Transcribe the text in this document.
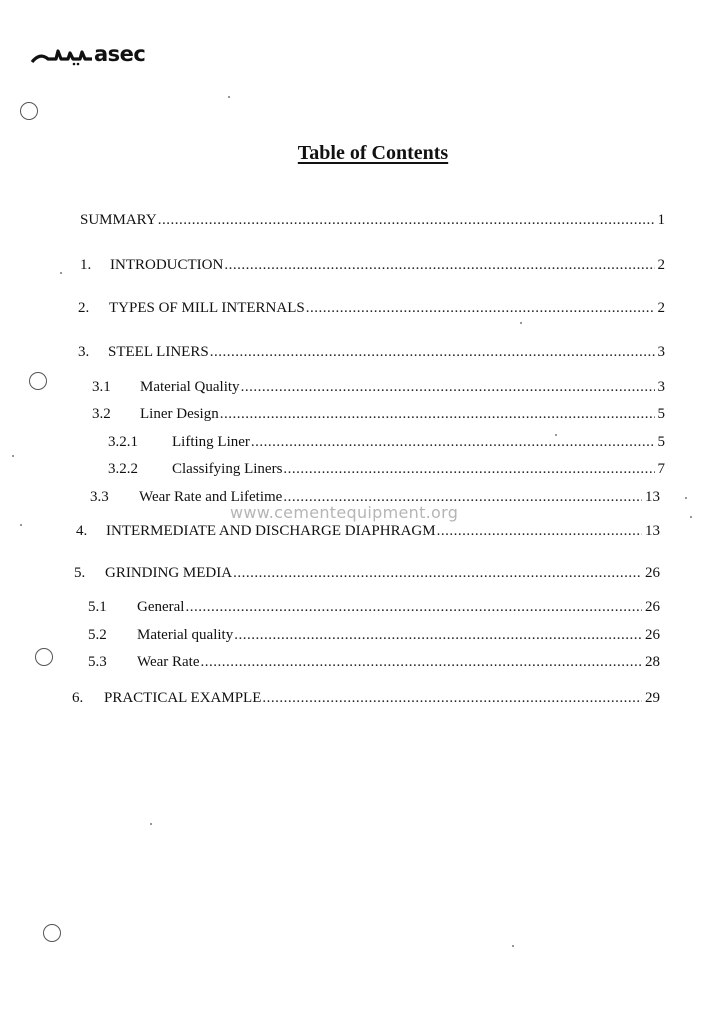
asec
Table of Contents
SUMMARY .....	1
1.	INTRODUCTION .....	2
2.	TYPES OF MILL INTERNALS .....	2
3.	STEEL LINERS .....	3
3.1	Material Quality .....	3
3.2	Liner Design .....	5
3.2.1	Lifting Liner .....	5
3.2.2	Classifying Liners .....	7
3.3	Wear Rate and Lifetime .....	13
4.	INTERMEDIATE AND DISCHARGE DIAPHRAGM .....	13
5.	GRINDING MEDIA .....	26
5.1	General .....	26
5.2	Material quality .....	26
5.3	Wear Rate .....	28
6.	PRACTICAL EXAMPLE .....	29
www.cementequipment.org
